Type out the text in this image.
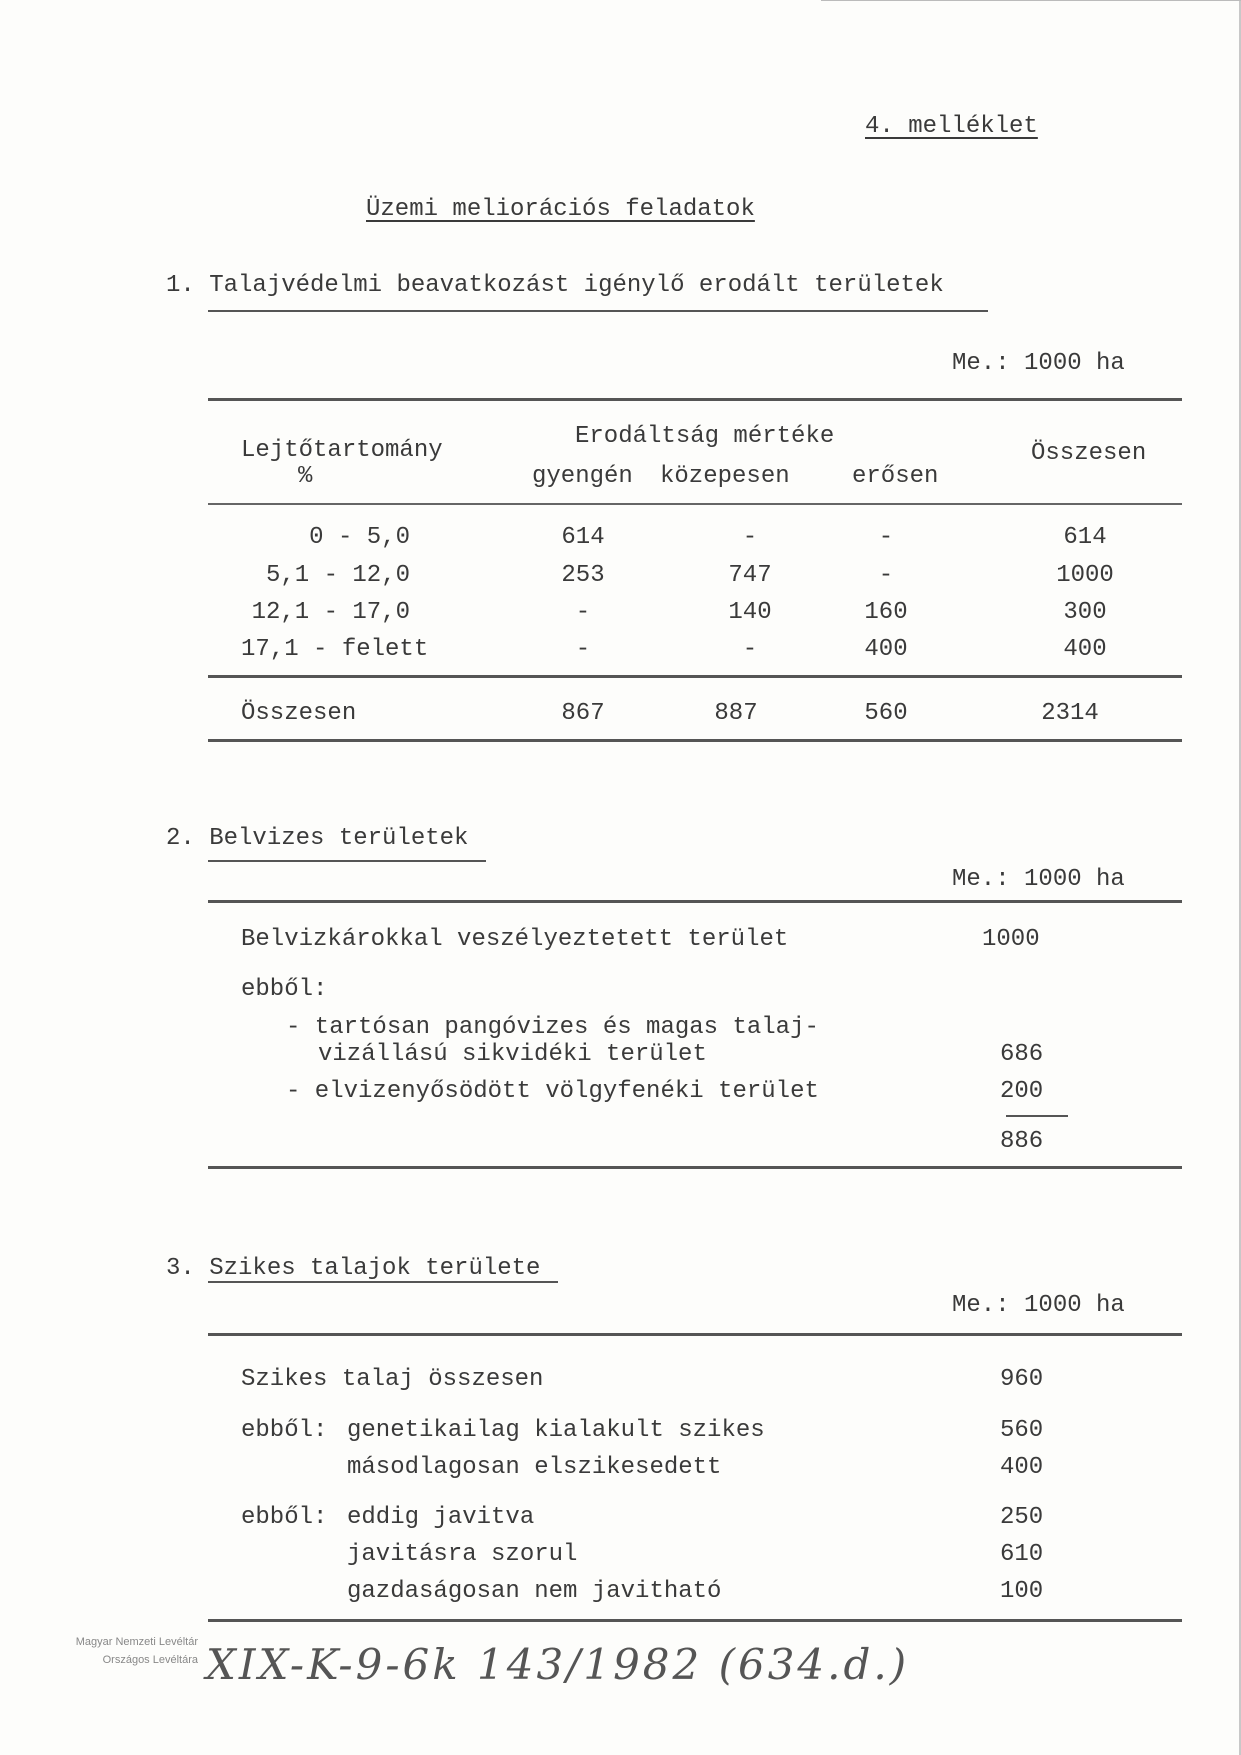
4. melléklet
Üzemi meliorációs feladatok
1. Talajvédelmi beavatkozást igénylő erodált területek
Me.: 1000 ha
Lejtőtartomány
%
Erodáltság mértéke
gyengén közepesen	erősen
Összesen
0 - 5,0	614	-	-	614
5,1 - 12,0	253	747	-	1000
12,1 - 17,0	-	140	160	300
17,1 - felett	-	-	400	400
Összesen	867	887	560	2314
2. Belvizes területek
Me.: 1000 ha
Belvizkárokkal veszélyeztetett terület	1000
ebből:
- tartósan pangóvizes és magas talaj-
vizállású sikvidéki terület	686
- elvizenyősödött völgyfenéki terület	200
886
3. Szikes talajok területe
Me.: 1000 ha
Szikes talaj összesen	960
ebből: genetikailag kialakult szikes	560
másodlagosan elszikesedett	400
ebből: eddig javitva	250
javitásra szorul	610
gazdaságosan nem javitható	100
Magyar Nemzeti Levéltár
Országos Levéltára XIX-K-9-6k 143/1982 (634.d.)
